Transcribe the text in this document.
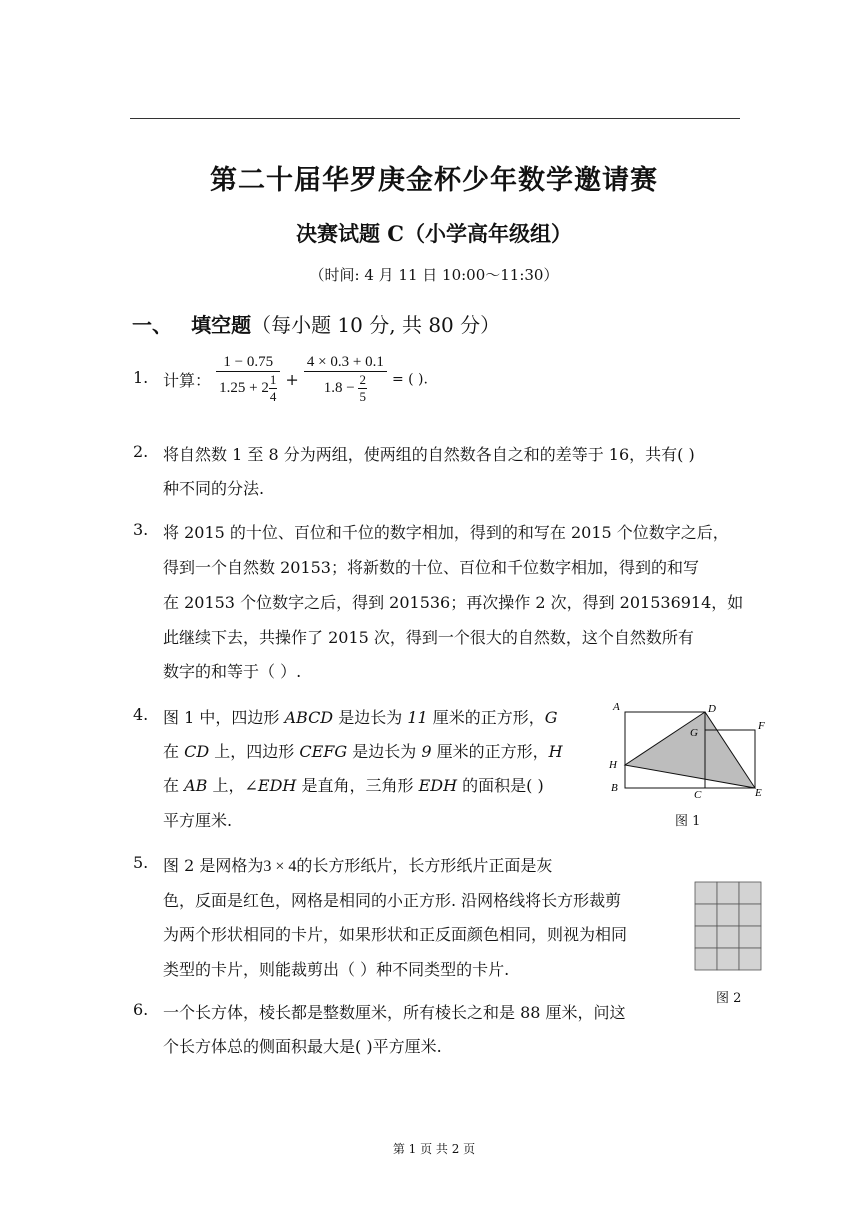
第二十届华罗庚金杯少年数学邀请赛
决赛试题 C（小学高年级组）
（时间: 4 月 11 日 10:00～11:30）
一、 填空题（每小题 10 分, 共 80 分）
1. 计算： $\frac{1 - 0.75}{1.25 + 2 \frac{1}{4}} + \frac{4 \times 0.3 + 0.1}{1.8 - \frac{2}{5}}$ = ( ).
2. 将自然数 1 至 8 分为两组，使两组的自然数各自之和的差等于 16，共有( )
种不同的分法.
3. 将 2015 的十位、百位和千位的数字相加，得到的和写在 2015 个位数字之后，
得到一个自然数 20153；将新数的十位、百位和千位数字相加，得到的和写
在 20153 个位数字之后，得到 201536；再次操作 2 次，得到 201536914，如
此继续下去，共操作了 2015 次，得到一个很大的自然数，这个自然数所有
数字的和等于（ ）.
4. 图 1 中，四边形 ABCD 是边长为 11 厘米的正方形，G
在 CD 上，四边形 CEFG 是边长为 9 厘米的正方形，H
在 AB 上，∠EDH 是直角，三角形 EDH 的面积是( )
平方厘米.
A	D
F
G
H
B
C	E
图 1
5. 图 2 是网格为3 × 4的长方形纸片，长方形纸片正面是灰
色，反面是红色，网格是相同的小正方形. 沿网格线将长方形裁剪
为两个形状相同的卡片，如果形状和正反面颜色相同，则视为相同
类型的卡片，则能裁剪出（ ）种不同类型的卡片.
图 2
6. 一个长方体，棱长都是整数厘米，所有棱长之和是 88 厘米，问这
个长方体总的侧面积最大是( )平方厘米.
第 1 页 共 2 页
